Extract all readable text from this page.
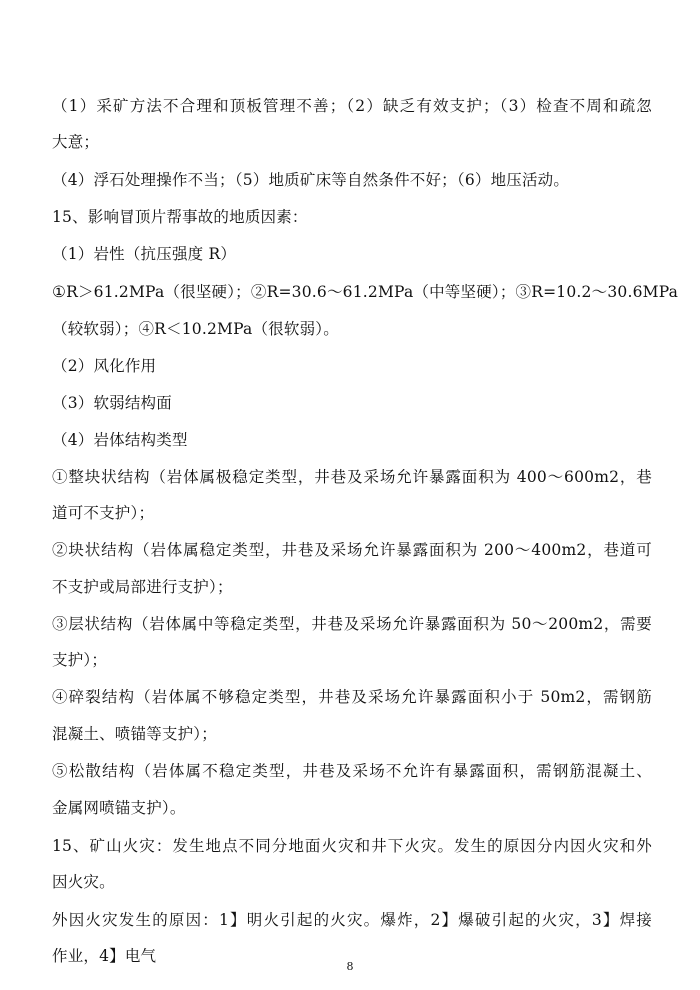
（1）采矿方法不合理和顶板管理不善；（2）缺乏有效支护；（3）检查不周和疏忽
大意；
（4）浮石处理操作不当；（5）地质矿床等自然条件不好；（6）地压活动。
15、影响冒顶片帮事故的地质因素：
（1）岩性（抗压强度 R）
①R＞61.2MPa（很坚硬）；②R=30.6～61.2MPa（中等坚硬）；③R=10.2～30.6MPa
（较软弱）；④R＜10.2MPa（很软弱）。
（2）风化作用
（3）软弱结构面
（4）岩体结构类型
①整块状结构（岩体属极稳定类型，井巷及采场允许暴露面积为 400～600m2，巷
道可不支护）；
②块状结构（岩体属稳定类型，井巷及采场允许暴露面积为 200～400m2，巷道可
不支护或局部进行支护）；
③层状结构（岩体属中等稳定类型，井巷及采场允许暴露面积为 50～200m2，需要
支护）；
④碎裂结构（岩体属不够稳定类型，井巷及采场允许暴露面积小于 50m2，需钢筋
混凝土、喷锚等支护）；
⑤松散结构（岩体属不稳定类型，井巷及采场不允许有暴露面积，需钢筋混凝土、
金属网喷锚支护）。
15、矿山火灾：发生地点不同分地面火灾和井下火灾。发生的原因分内因火灾和外
因火灾。
外因火灾发生的原因：1】明火引起的火灾。爆炸，2】爆破引起的火灾，3】焊接
作业，4】电气
8
